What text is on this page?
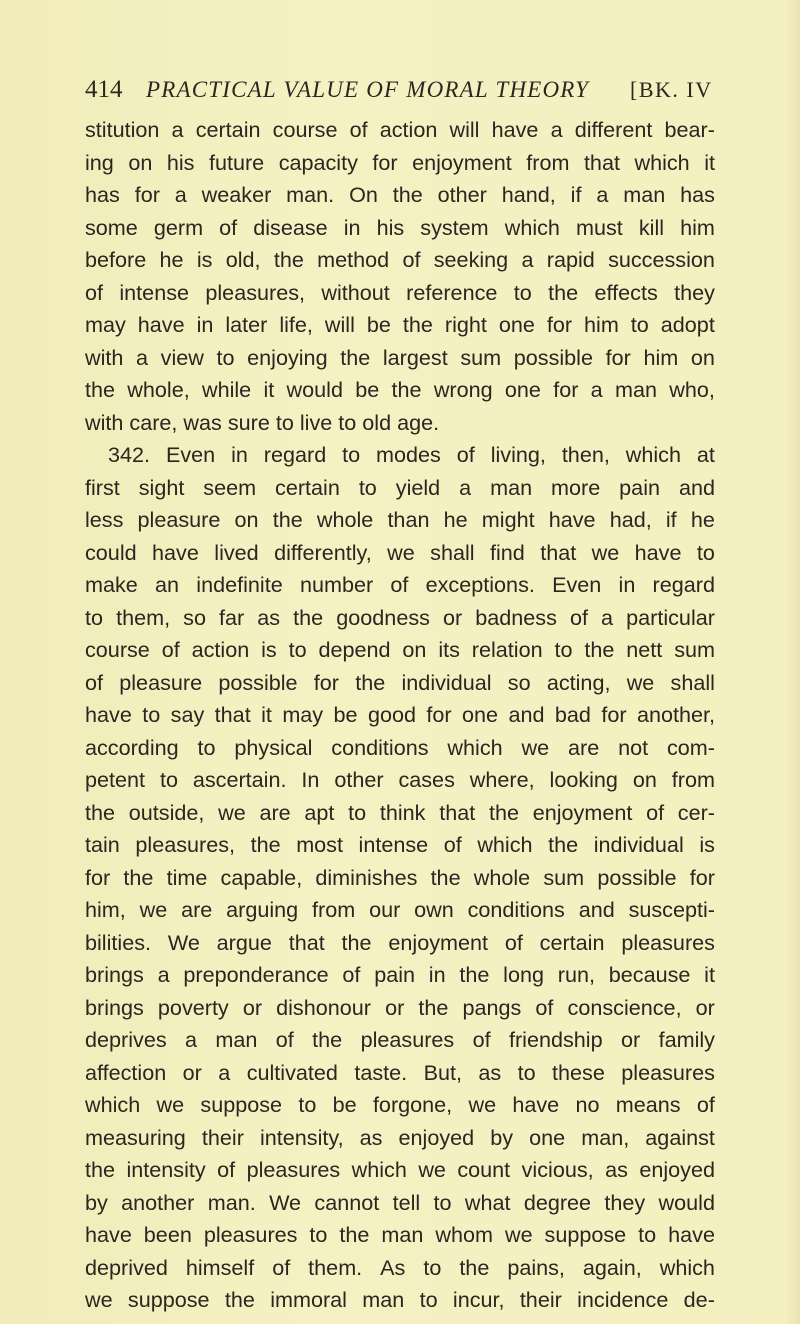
414 PRACTICAL VALUE OF MORAL THEORY [BK. IV
stitution a certain course of action will have a different bear-
ing on his future capacity for enjoyment from that which it
has for a weaker man. On the other hand, if a man has
some germ of disease in his system which must kill him
before he is old, the method of seeking a rapid succession
of intense pleasures, without reference to the effects they
may have in later life, will be the right one for him to adopt
with a view to enjoying the largest sum possible for him on
the whole, while it would be the wrong one for a man who,
with care, was sure to live to old age.
342. Even in regard to modes of living, then, which at
first sight seem certain to yield a man more pain and
less pleasure on the whole than he might have had, if he
could have lived differently, we shall find that we have to
make an indefinite number of exceptions. Even in regard
to them, so far as the goodness or badness of a particular
course of action is to depend on its relation to the nett sum
of pleasure possible for the individual so acting, we shall
have to say that it may be good for one and bad for another,
according to physical conditions which we are not com-
petent to ascertain. In other cases where, looking on from
the outside, we are apt to think that the enjoyment of cer-
tain pleasures, the most intense of which the individual is
for the time capable, diminishes the whole sum possible for
him, we are arguing from our own conditions and suscepti-
bilities. We argue that the enjoyment of certain pleasures
brings a preponderance of pain in the long run, because it
brings poverty or dishonour or the pangs of conscience, or
deprives a man of the pleasures of friendship or family
affection or a cultivated taste. But, as to these pleasures
which we suppose to be forgone, we have no means of
measuring their intensity, as enjoyed by one man, against
the intensity of pleasures which we count vicious, as enjoyed
by another man. We cannot tell to what degree they would
have been pleasures to the man whom we suppose to have
deprived himself of them. As to the pains, again, which
we suppose the immoral man to incur, their incidence de-
